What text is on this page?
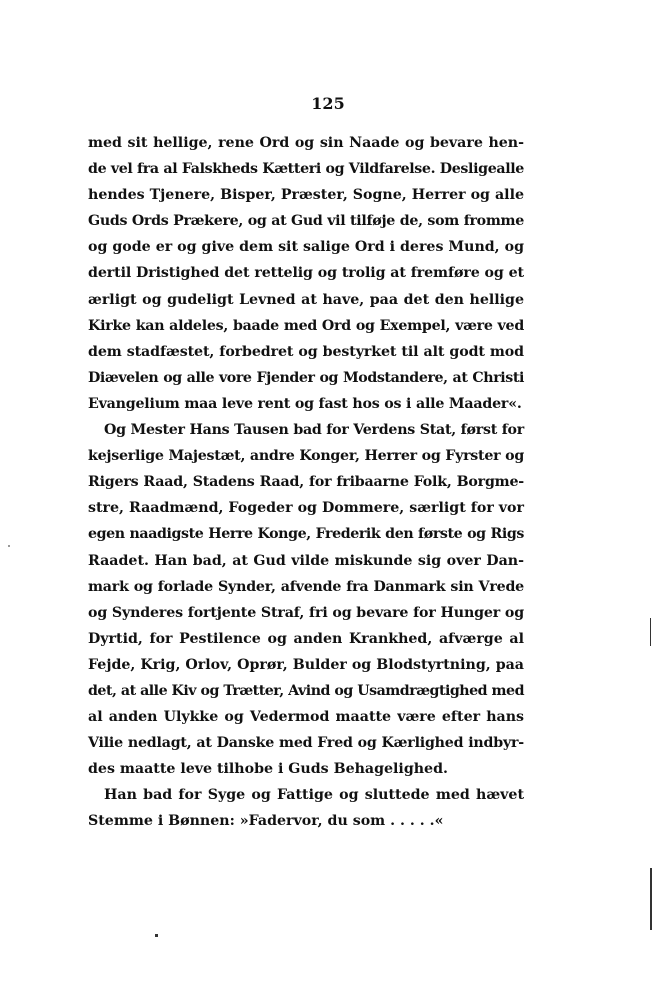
125
med sit hellige, rene Ord og sin Naade og bevare hen-
de vel fra al Falskheds Kætteri og Vildfarelse. Desligealle
hendes Tjenere, Bisper, Præster, Sogne, Herrer og alle
Guds Ords Prækere, og at Gud vil tilføje de, som fromme
og gode er og give dem sit salige Ord i deres Mund, og
dertil Dristighed det rettelig og trolig at fremføre og et
ærligt og gudeligt Levned at have, paa det den hellige
Kirke kan aldeles, baade med Ord og Exempel, være ved
dem stadfæstet, forbedret og bestyrket til alt godt mod
Diævelen og alle vore Fjender og Modstandere, at Christi
Evangelium maa leve rent og fast hos os i alle Maader«.
Og Mester Hans Tausen bad for Verdens Stat, først for
kejserlige Majestæt, andre Konger, Herrer og Fyrster og
Rigers Raad, Stadens Raad, for fribaarne Folk, Borgme-
stre, Raadmænd, Fogeder og Dommere, særligt for vor
egen naadigste Herre Konge, Frederik den første og Rigs
Raadet. Han bad, at Gud vilde miskunde sig over Dan-
mark og forlade Synder, afvende fra Danmark sin Vrede
og Synderes fortjente Straf, fri og bevare for Hunger og
Dyrtid, for Pestilence og anden Krankhed, afværge al
Fejde, Krig, Orlov, Oprør, Bulder og Blodstyrtning, paa
det, at alle Kiv og Trætter, Avind og Usamdrægtighed med
al anden Ulykke og Vedermod maatte være efter hans
Vilie nedlagt, at Danske med Fred og Kærlighed indbyr-
des maatte leve tilhobe i Guds Behagelighed.
Han bad for Syge og Fattige og sluttede med hævet
Stemme i Bønnen: »Fadervor, du som . . . . .«
